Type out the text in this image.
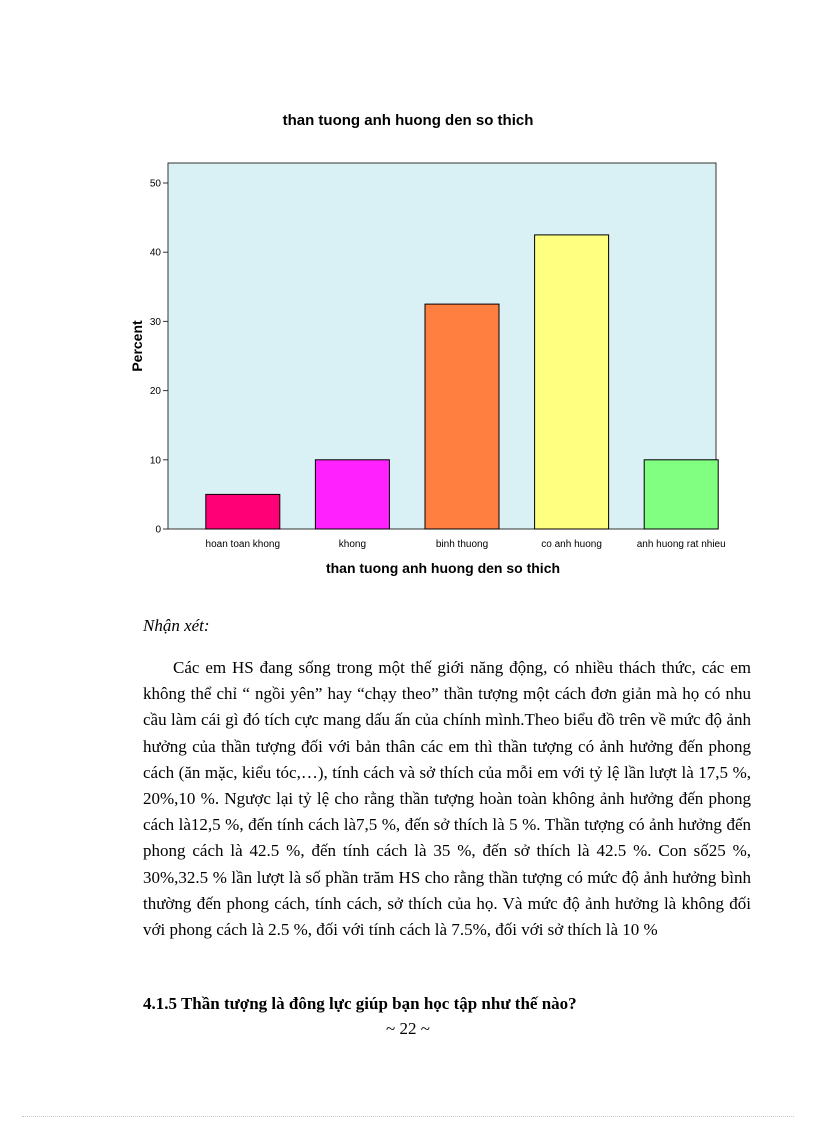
than tuong anh huong den so thich
0
10
20
30
40
50
hoan toan khong	khong	binh thuong	co anh huong	anh huong rat nhieu
Percent
than tuong anh huong den so thich
Nhận xét:
Các em HS đang sống trong một thế giới năng động, có nhiều thách thức, các em không thể chỉ “ ngồi yên” hay “chạy theo” thần tượng một cách đơn giản mà họ có nhu cầu làm cái gì đó tích cực mang dấu ấn của chính mình.Theo biểu đồ trên về mức độ ảnh hưởng của thần tượng đối với bản thân các em thì thần tượng có ảnh hưởng đến phong cách (ăn mặc, kiểu tóc,…), tính cách và sở thích của mỗi em với tỷ lệ lần lượt là 17,5 %, 20%,10 %. Ngược lại tỷ lệ cho rằng thần tượng hoàn toàn không ảnh hưởng đến phong cách là12,5 %, đến tính cách là7,5 %, đến sở thích là 5 %. Thần tượng có ảnh hưởng đến phong cách là 42.5 %, đến tính cách là 35 %, đến sở thích là 42.5 %. Con số25 %, 30%,32.5 % lần lượt là số phần trăm HS cho rằng thần tượng có mức độ ảnh hưởng bình thường đến phong cách, tính cách, sở thích của họ. Và mức độ ảnh hưởng là không đối với phong cách là 2.5 %, đối với tính cách là 7.5%, đối với sở thích là 10 %
4.1.5 Thần tượng là đông lực giúp bạn học tập như thế nào?
~ 22 ~
